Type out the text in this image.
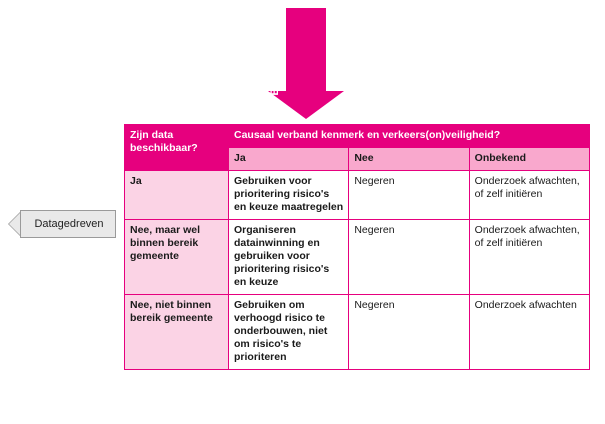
Evidence based
Datagedreven
Zijn data beschikbaar?	Causaal verband kenmerk en verkeers(on)veiligheid?		
	Ja	Nee	Onbekend
Ja	Gebruiken voor prioritering risico's en keuze maatregelen	Negeren	Onderzoek afwachten, of zelf initiëren
Nee, maar wel binnen bereik gemeente	Organiseren datainwinning en gebruiken voor prioritering risico's en keuze	Negeren	Onderzoek afwachten, of zelf initiëren
Nee, niet binnen bereik gemeente	Gebruiken om verhoogd risico te onderbouwen, niet om risico's te prioriteren	Negeren	Onderzoek afwachten
